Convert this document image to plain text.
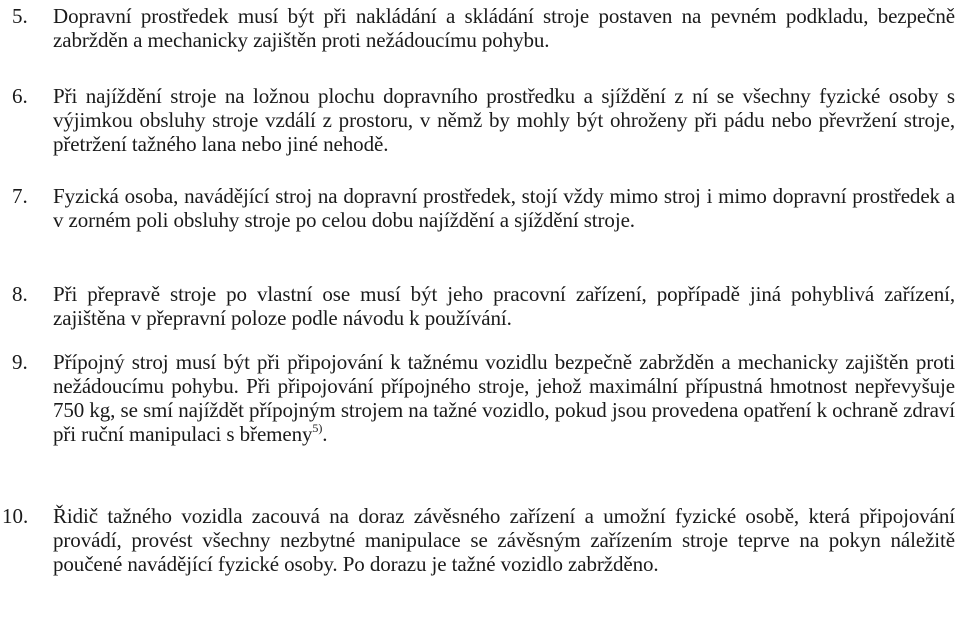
5. Dopravní prostředek musí být při nakládání a skládání stroje postaven na pevném podkladu, bezpečně zabržděn a mechanicky zajištěn proti nežádoucímu pohybu.
6. Při najíždění stroje na ložnou plochu dopravního prostředku a sjíždění z ní se všechny fyzické osoby s výjimkou obsluhy stroje vzdálí z prostoru, v němž by mohly být ohroženy při pádu nebo převržení stroje, přetržení tažného lana nebo jiné nehodě.
7. Fyzická osoba, navádějící stroj na dopravní prostředek, stojí vždy mimo stroj i mimo dopravní prostředek a v zorném poli obsluhy stroje po celou dobu najíždění a sjíždění stroje.
8. Při přepravě stroje po vlastní ose musí být jeho pracovní zařízení, popřípadě jiná pohyblivá zařízení, zajištěna v přepravní poloze podle návodu k používání.
9. Přípojný stroj musí být při připojování k tažnému vozidlu bezpečně zabržděn a mechanicky zajištěn proti nežádoucímu pohybu. Při připojování přípojného stroje, jehož maximální přípustná hmotnost nepřevyšuje 750 kg, se smí najíždět přípojným strojem na tažné vozidlo, pokud jsou provedena opatření k ochraně zdraví při ruční manipulaci s břemeny$^{5)}$.
10. Řidič tažného vozidla zacouvá na doraz závěsného zařízení a umožní fyzické osobě, která připojování provádí, provést všechny nezbytné manipulace se závěsným zařízením stroje teprve na pokyn náležitě poučené navádějící fyzické osoby. Po dorazu je tažné vozidlo zabržděno.
